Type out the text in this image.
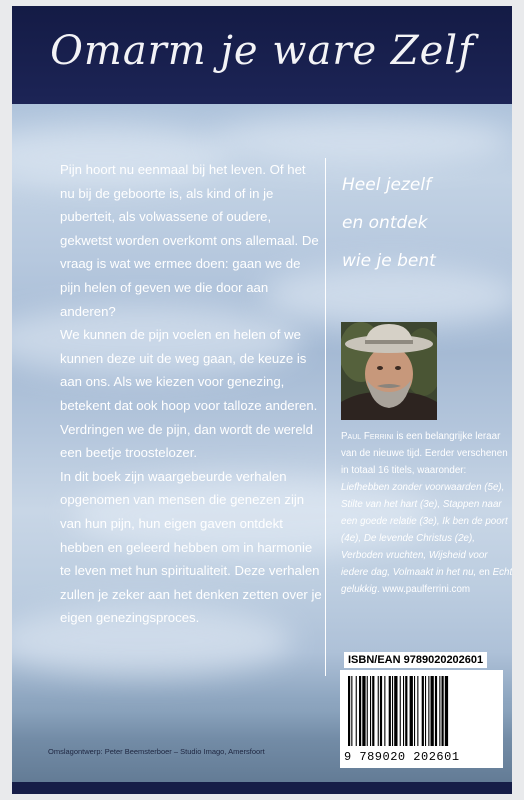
Omarm je ware Zelf

Pijn hoort nu eenmaal bij het leven. Of het nu bij de geboorte is, als kind of in je puberteit, als volwassene of oudere, gekwetst worden overkomt ons allemaal. De vraag is wat we ermee doen: gaan we de pijn helen of geven we die door aan anderen?

We kunnen de pijn voelen en helen of we kunnen deze uit de weg gaan, de keuze is aan ons. Als we kiezen voor genezing, betekent dat ook hoop voor talloze anderen. Verdringen we de pijn, dan wordt de wereld een beetje troostelozer.

In dit boek zijn waargebeurde verhalen opgenomen van mensen die genezen zijn van hun pijn, hun eigen gaven ontdekt hebben en geleerd hebben om in harmonie te leven met hun spiritualiteit. Deze verhalen zullen je zeker aan het denken zetten over je eigen genezingsproces.

Heel jezelf
en ontdek
wie je bent
Paul Ferrini is een belangrijke leraar van de nieuwe tijd. Eerder verschenen in totaal 16 titels, waaronder: Liefhebben zonder voorwaarden (5e), Stilte van het hart (3e), Stappen naar een goede relatie (3e), Ik ben de poort (4e), De levende Christus (2e), Verboden vruchten, Wijsheid voor iedere dag, Volmaakt in het nu, en Echt gelukkig. www.paulferrini.com
ISBN/EAN 9789020202601
9 789020 202601
Omslagontwerp: Peter Beemsterboer – Studio Imago, Amersfoort
